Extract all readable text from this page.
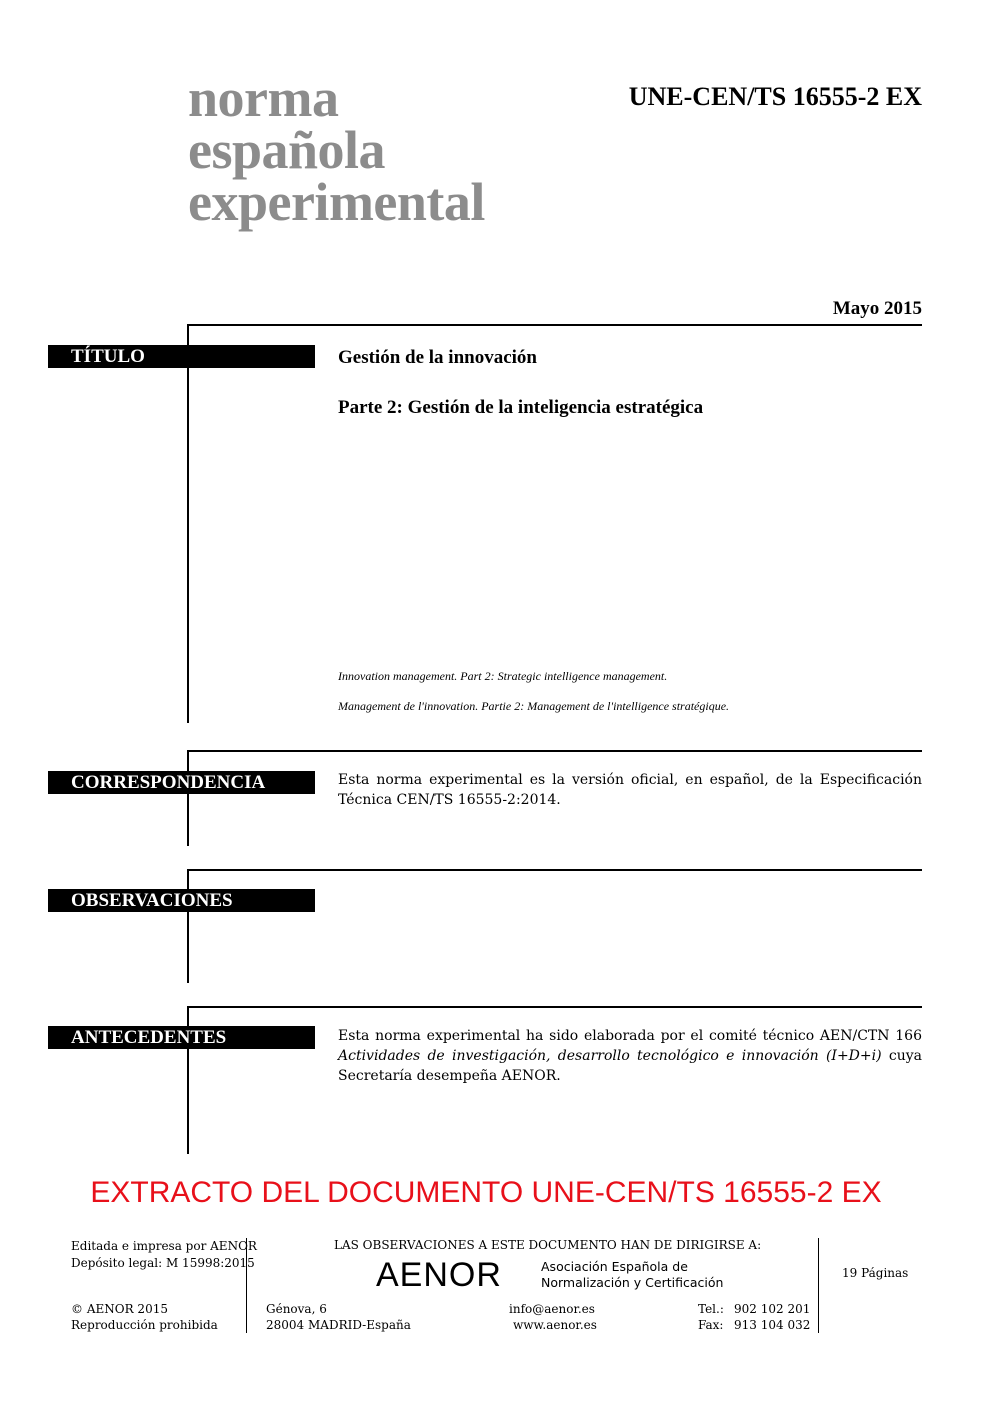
norma
española
experimental
UNE-CEN/TS 16555-2 EX
Mayo 2015
TÍTULO	Gestión de la innovación
Parte 2: Gestión de la inteligencia estratégica
Innovation management. Part 2: Strategic intelligence management.
Management de l'innovation. Partie 2: Management de l'intelligence stratégique.
CORRESPONDENCIA	Esta norma experimental es la versión oficial, en español, de la Especificación Técnica CEN/TS 16555-2:2014.
OBSERVACIONES
ANTECEDENTES	Esta norma experimental ha sido elaborada por el comité técnico AEN/CTN 166 Actividades de investigación, desarrollo tecnológico e innovación (I+D+i) cuya Secretaría desempeña AENOR.
EXTRACTO DEL DOCUMENTO UNE-CEN/TS 16555-2 EX
Editada e impresa por AENOR
Depósito legal: M 15998:2015
© AENOR 2015
Reproducción prohibida
LAS OBSERVACIONES A ESTE DOCUMENTO HAN DE DIRIGIRSE A:
AENOR	Asociación Española de
Normalización y Certificación
Génova, 6
28004 MADRID-España
info@aenor.es
www.aenor.es
Tel.: 902 102 201
Fax: 913 104 032
19 Páginas
